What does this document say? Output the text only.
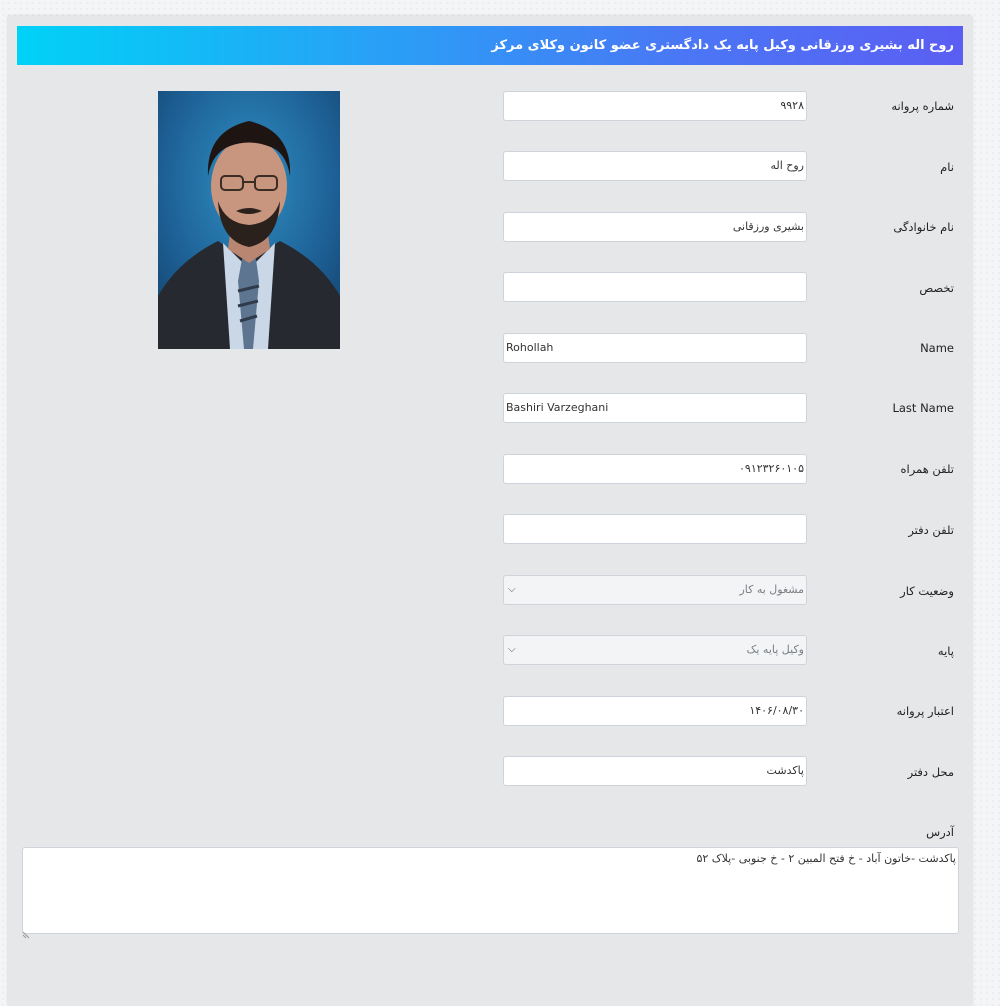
روح اله بشیری ورزقانی وکیل پایه یک دادگستری عضو کانون وکلای مرکز
شماره پروانه
۹۹۲۸
نام
روح اله
نام خانوادگی
بشیری ورزقانی
تخصص
Name
Rohollah
Last Name
Bashiri Varzeghani
تلفن همراه
۰۹۱۲۳۲۶۰۱۰۵
تلفن دفتر
وضعیت کار
مشغول به کار
⌵
پایه
وکیل پایه یک
⌵
اعتبار پروانه
۱۴۰۶/۰۸/۳۰
محل دفتر
پاکدشت
آدرس
پاکدشت -خاتون آباد - خ فتح المبین ۲ - خ جنوبی -پلاک ۵۲
